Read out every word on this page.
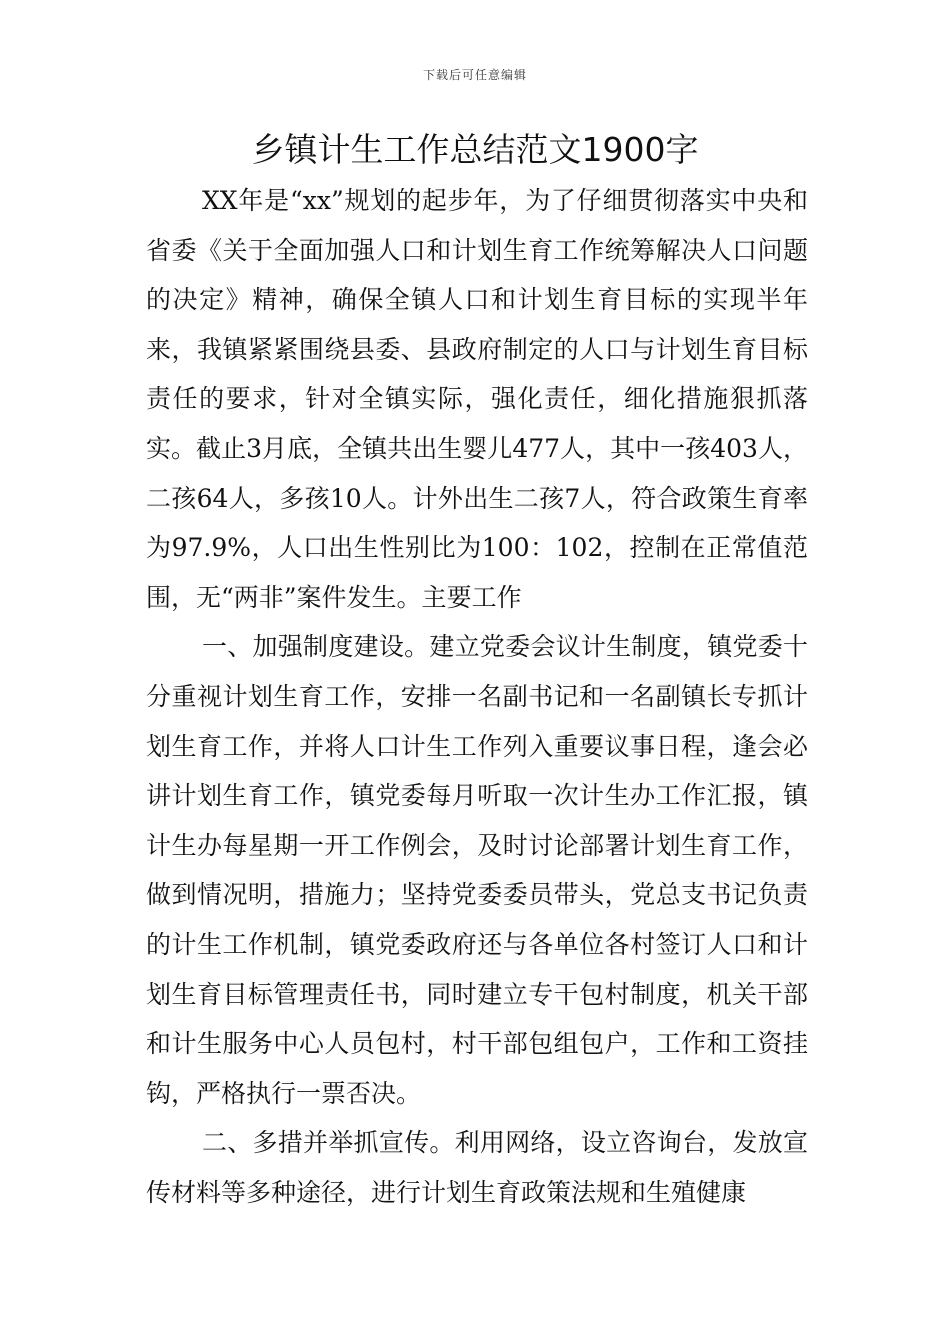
下载后可任意编辑
乡镇计生工作总结范文1900字

XX年是“xx”规划的起步年，为了仔细贯彻落实中央和省委《关于全面加强人口和计划生育工作统筹解决人口问题的决定》精神，确保全镇人口和计划生育目标的实现半年来，我镇紧紧围绕县委、县政府制定的人口与计划生育目标责任的要求，针对全镇实际，强化责任，细化措施狠抓落实。截止3月底，全镇共出生婴儿477人，其中一孩403人，二孩64人，多孩10人。计外出生二孩7人，符合政策生育率为97.9%，人口出生性别比为100：102，控制在正常值范围，无“两非”案件发生。主要工作

一、加强制度建设。建立党委会议计生制度，镇党委十分重视计划生育工作，安排一名副书记和一名副镇长专抓计划生育工作，并将人口计生工作列入重要议事日程，逢会必讲计划生育工作，镇党委每月听取一次计生办工作汇报，镇计生办每星期一开工作例会，及时讨论部署计划生育工作，做到情况明，措施力；坚持党委委员带头，党总支书记负责的计生工作机制，镇党委政府还与各单位各村签订人口和计划生育目标管理责任书，同时建立专干包村制度，机关干部和计生服务中心人员包村，村干部包组包户，工作和工资挂钩，严格执行一票否决。

二、多措并举抓宣传。利用网络，设立咨询台，发放宣传材料等多种途径，进行计划生育政策法规和生殖健康
